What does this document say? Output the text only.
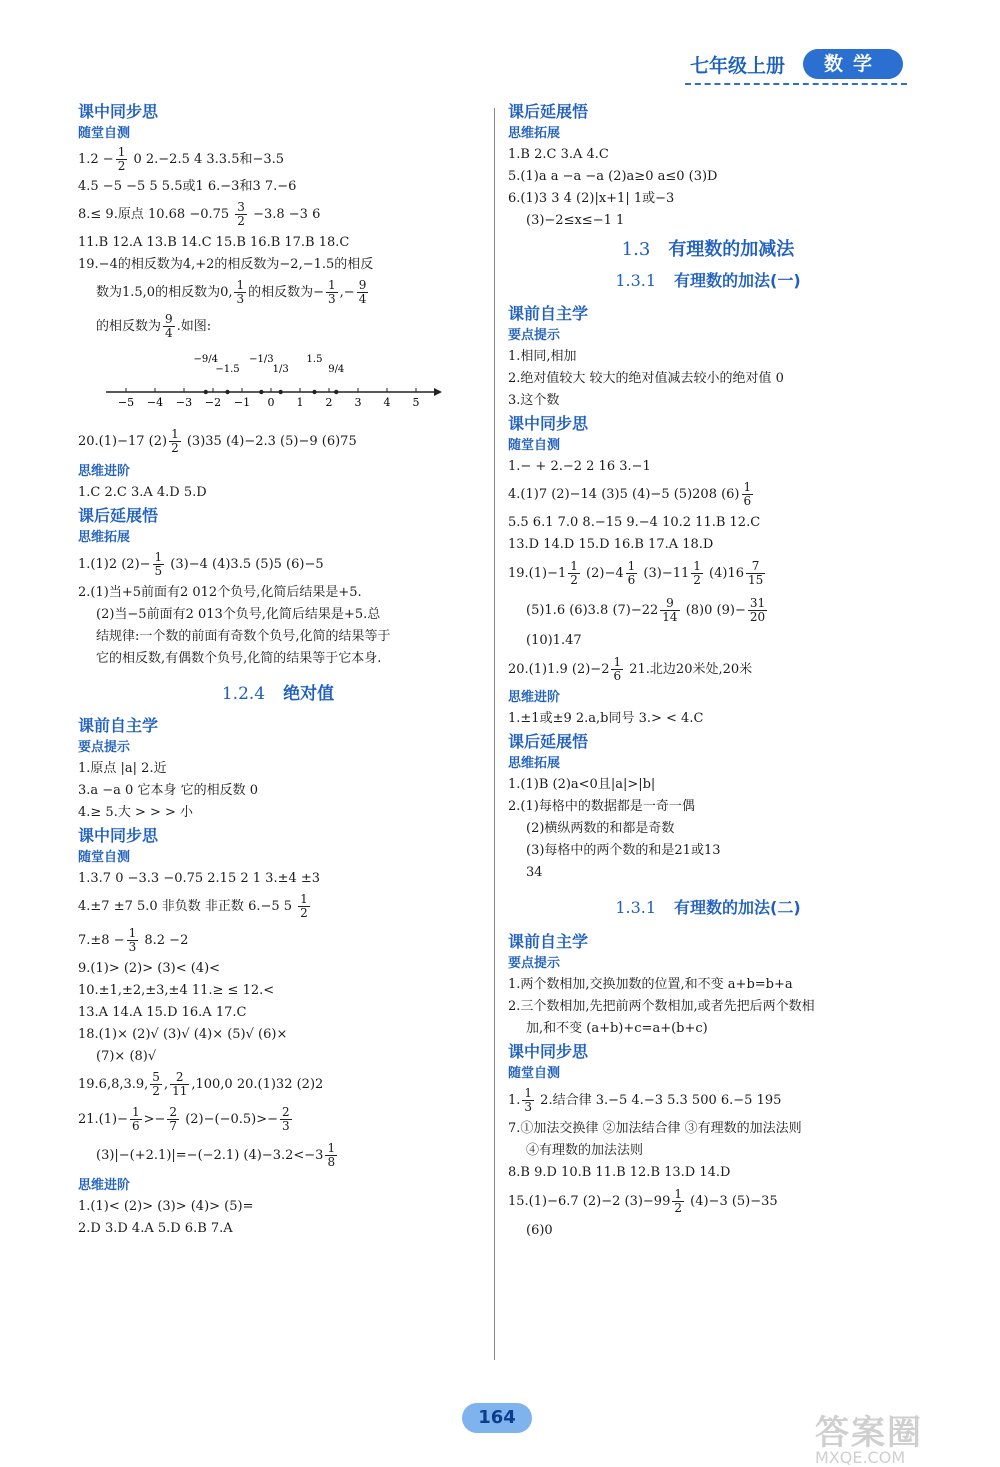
七年级上册	数学
课中同步思
随堂自测
$1.2 - \frac{1}{2} 0$ 2.−2.5 4 3.3.5和−3.5
4.5 −5 −5 5 5.5或1 6.−3和3 7.−6
8.≤ 9.原点 $10.68 -0.75 \frac{3}{2} -3.8 -3$ 6
11.B 12.A 13.B 14.C 15.B 16.B 17.B 18.C
19.−4的相反数为4,+2的相反数为−2,−1.5的相反
数为1.5,0的相反数为0, $\frac{1}{3}$ 的相反数为− $\frac{1}{3}$ ,− $\frac{9}{4}$
的相反数为 $\frac{9}{4}$ .如图:
−5 −4 −3 −2 −1 0 1 2 3 4 5
−9/4
−1.5
−1/3
1/3
1.5
9/4
20.(1)−17 $(2) \frac{1}{2} (3)35$ (4)−2.3 (5)−9 (6)75
思维进阶
1.C 2.C 3.A 4.D 5.D
课后延展悟
思维拓展
1.(1)2 $(2)- \frac{1}{5} (3)-4$ (4)3.5 (5)5 (6)−5
2.(1)当+5前面有2 012个负号,化简后结果是+5.
(2)当−5前面有2 013个负号,化简后结果是+5.总
结规律:一个数的前面有奇数个负号,化简的结果等于
它的相反数,有偶数个负号,化简的结果等于它本身.
1.2.4 绝对值
课前自主学
要点提示
1.原点 |a| 2.近
3.a −a 0 它本身 它的相反数 0
4.≥ 5.大 > > > 小
课中同步思
随堂自测
1.3.7 0 −3.3 −0.75 2.15 2 1 3.±4 ±3
4.±7 ±7 5.0 非负数 非正数 6.−5 $5 \frac{1}{2}$
$7.\pm 8 - \frac{1}{3} 8.2 -2$
9.(1)> (2)> (3)< (4)<
10.±1,±2,±3,±4 11.≥ ≤ 12.<
13.A 14.A 15.D 16.A 17.C
18.(1)× (2)√ (3)√ (4)× (5)√ (6)×
(7)× (8)√
19.6,8,3.9, $\frac{5}{2}$ , $\frac{2}{11} ,100,0$ 20.(1)32 (2)2
$21.(1)- \frac{1}{6} >- \frac{2}{7} (2)-(-0.5)>- \frac{2}{3}$
(3)|−(+2.1)|=−(−2.1) $(4)-3.2<-3 \frac{1}{8}$
思维进阶
1.(1)< (2)> (3)> (4)> (5)=
2.D 3.D 4.A 5.D 6.B 7.A
课后延展悟
思维拓展
1.B 2.C 3.A 4.C
5.(1)a a −a −a (2)a≥0 a≤0 (3)D
6.(1)3 3 4 (2)|x+1| 1或−3
(3)−2≤x≤−1 1
1.3 有理数的加减法
1.3.1 有理数的加法(一)
课前自主学
要点提示
1.相同,相加
2.绝对值较大 较大的绝对值减去较小的绝对值 0
3.这个数
课中同步思
随堂自测
1.− + 2.−2 2 16 3.−1
4.(1)7 (2)−14 (3)5 (4)−5 (5)208 $(6) \frac{1}{6}$
5.5 6.1 7.0 8.−15 9.−4 10.2 11.B 12.C
13.D 14.D 15.D 16.B 17.A 18.D
$19.(1)-1 \frac{1}{2} (2)-4 \frac{1}{6} (3)-11 \frac{1}{2} (4)16 \frac{7}{15}$
(5)1.6 (6)3.8 $(7)-22 \frac{9}{14} (8)0$ $(9)- \frac{31}{20}$
(10)1.47
20.(1)1.9 $(2)-2 \frac{1}{6} 21$.北边20米处,20米
思维进阶
1.±1或±9 2.a,b同号 3.> < 4.C
课后延展悟
思维拓展
1.(1)B (2)a<0且|a|>|b|
2.(1)每格中的数据都是一奇一偶
(2)横纵两数的和都是奇数
(3)每格中的两个数的和是21或13
34
1.3.1 有理数的加法(二)
课前自主学
要点提示
1.两个数相加,交换加数的位置,和不变 a+b=b+a
2.三个数相加,先把前两个数相加,或者先把后两个数相
加,和不变 (a+b)+c=a+(b+c)
课中同步思
随堂自测
1. $\frac{1}{3} 2$.结合律 3.−5 4.−3 5.3 500 6.−5 195
7.①加法交换律 ②加法结合律 ③有理数的加法法则
④有理数的加法法则
8.B 9.D 10.B 11.B 12.B 13.D 14.D
15.(1)−6.7 (2)−2 $(3)-99 \frac{1}{2} (4)-3$ (5)−35
(6)0
164	答案圈
MXQE.COM
